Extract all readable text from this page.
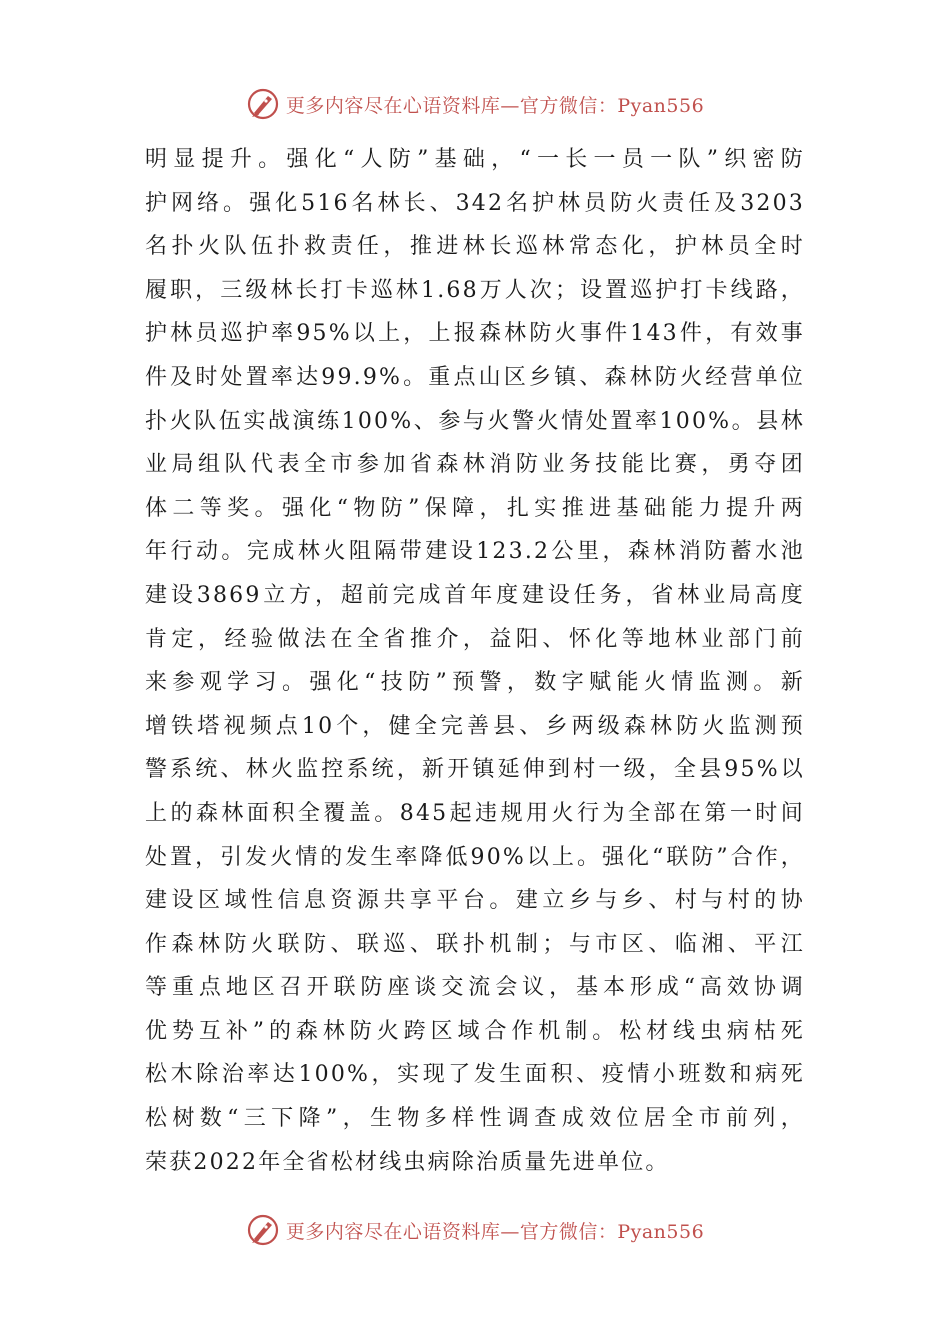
更多内容尽在心语资料库—官方微信：Pyan556
明显提升。强化“人防”基础，“一长一员一队”织密防
护网络。强化516名林长、342名护林员防火责任及3203
名扑火队伍扑救责任，推进林长巡林常态化，护林员全时
履职，三级林长打卡巡林1.68万人次；设置巡护打卡线路，
护林员巡护率95%以上，上报森林防火事件143件，有效事
件及时处置率达99.9%。重点山区乡镇、森林防火经营单位
扑火队伍实战演练100%、参与火警火情处置率100%。县林
业局组队代表全市参加省森林消防业务技能比赛，勇夺团
体二等奖。强化“物防”保障，扎实推进基础能力提升两
年行动。完成林火阻隔带建设123.2公里，森林消防蓄水池
建设3869立方，超前完成首年度建设任务，省林业局高度
肯定，经验做法在全省推介，益阳、怀化等地林业部门前
来参观学习。强化“技防”预警，数字赋能火情监测。新
增铁塔视频点10个，健全完善县、乡两级森林防火监测预
警系统、林火监控系统，新开镇延伸到村一级，全县95%以
上的森林面积全覆盖。845起违规用火行为全部在第一时间
处置，引发火情的发生率降低90%以上。强化“联防”合作，
建设区域性信息资源共享平台。建立乡与乡、村与村的协
作森林防火联防、联巡、联扑机制；与市区、临湘、平江
等重点地区召开联防座谈交流会议，基本形成“高效协调
优势互补”的森林防火跨区域合作机制。松材线虫病枯死
松木除治率达100%，实现了发生面积、疫情小班数和病死
松树数“三下降”，生物多样性调查成效位居全市前列，
荣获2022年全省松材线虫病除治质量先进单位。
更多内容尽在心语资料库—官方微信：Pyan556
